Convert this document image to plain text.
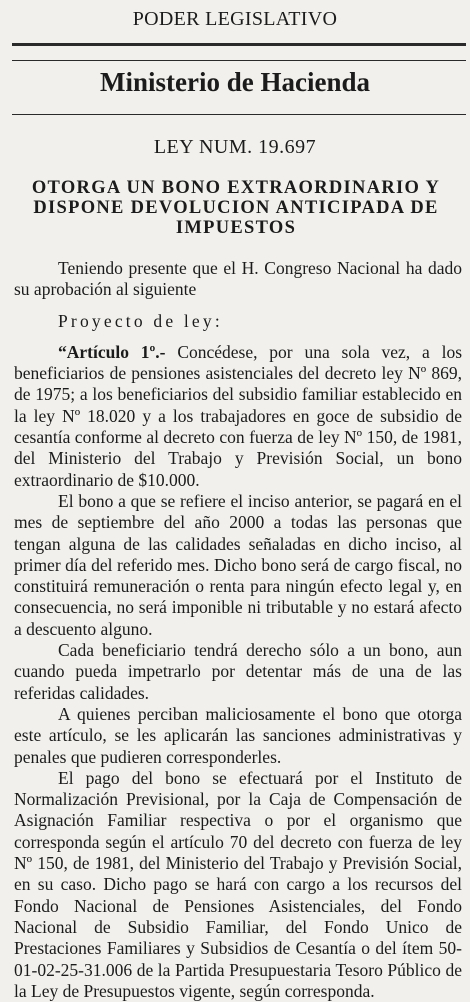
PODER LEGISLATIVO
Ministerio de Hacienda
LEY NUM. 19.697
OTORGA UN BONO EXTRAORDINARIO Y DISPONE DEVOLUCION ANTICIPADA DE IMPUESTOS

Teniendo presente que el H. Congreso Nacional ha dado su aprobación al siguiente

Proyecto de ley:

“Artículo 1º.- Concédese, por una sola vez, a los beneficiarios de pensiones asistenciales del decreto ley Nº 869, de 1975; a los beneficiarios del subsidio familiar establecido en la ley Nº 18.020 y a los trabajadores en goce de subsidio de cesantía conforme al decreto con fuerza de ley Nº 150, de 1981, del Ministerio del Trabajo y Previsión Social, un bono extraordinario de $10.000.

El bono a que se refiere el inciso anterior, se pagará en el mes de septiembre del año 2000 a todas las personas que tengan alguna de las calidades señaladas en dicho inciso, al primer día del referido mes. Dicho bono será de cargo fiscal, no constituirá remuneración o renta para ningún efecto legal y, en consecuencia, no será imponible ni tributable y no estará afecto a descuento alguno.

Cada beneficiario tendrá derecho sólo a un bono, aun cuando pueda impetrarlo por detentar más de una de las referidas calidades.

A quienes perciban maliciosamente el bono que otorga este artículo, se les aplicarán las sanciones administrativas y penales que pudieren corresponderles.

El pago del bono se efectuará por el Instituto de Normalización Previsional, por la Caja de Compensación de Asignación Familiar respectiva o por el organismo que corresponda según el artículo 70 del decreto con fuerza de ley Nº 150, de 1981, del Ministerio del Trabajo y Previsión Social, en su caso. Dicho pago se hará con cargo a los recursos del Fondo Nacional de Pensiones Asistenciales, del Fondo Nacional de Subsidio Familiar, del Fondo Unico de Prestaciones Familiares y Subsidios de Cesantía o del ítem 50-01-02-25-31.006 de la Partida Presupuestaria Tesoro Público de la Ley de Presupuestos vigente, según corresponda.
